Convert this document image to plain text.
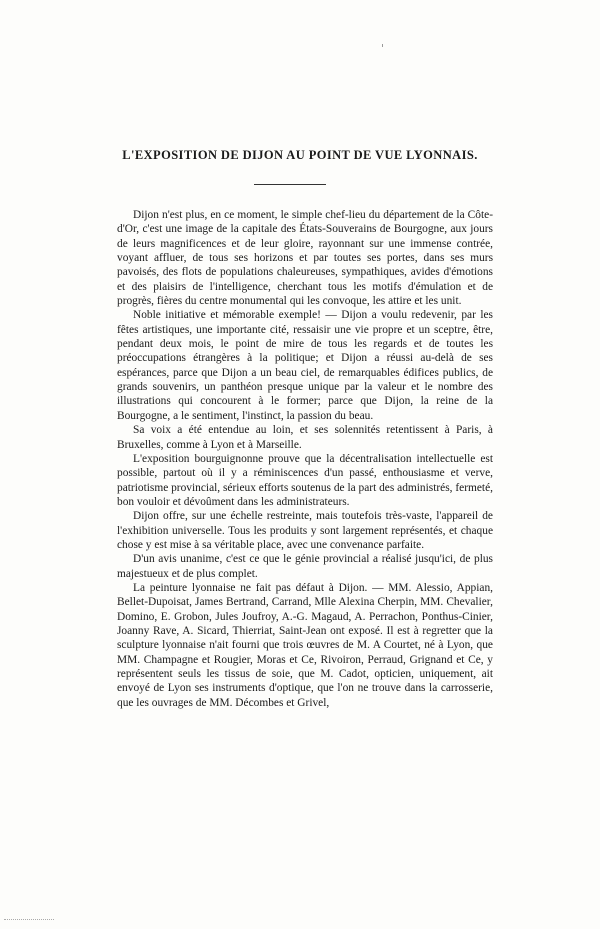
L'EXPOSITION DE DIJON AU POINT DE VUE LYONNAIS.

Dijon n'est plus, en ce moment, le simple chef-lieu du département de la Côte-d'Or, c'est une image de la capitale des États-Souverains de Bourgogne, aux jours de leurs magnificences et de leur gloire, rayonnant sur une immense contrée, voyant affluer, de tous ses horizons et par toutes ses portes, dans ses murs pavoisés, des flots de populations chaleureuses, sympathiques, avides d'émotions et des plaisirs de l'intelligence, cherchant tous les motifs d'émulation et de progrès, fières du centre monumental qui les convoque, les attire et les unit.

Noble initiative et mémorable exemple! — Dijon a voulu redevenir, par les fêtes artistiques, une importante cité, ressaisir une vie propre et un sceptre, être, pendant deux mois, le point de mire de tous les regards et de toutes les préoccupations étrangères à la politique; et Dijon a réussi au-delà de ses espérances, parce que Dijon a un beau ciel, de remarquables édifices publics, de grands souvenirs, un panthéon presque unique par la valeur et le nombre des illustrations qui concourent à le former; parce que Dijon, la reine de la Bourgogne, a le sentiment, l'instinct, la passion du beau.

Sa voix a été entendue au loin, et ses solennités retentissent à Paris, à Bruxelles, comme à Lyon et à Marseille.

L'exposition bourguignonne prouve que la décentralisation intellectuelle est possible, partout où il y a réminiscences d'un passé, enthousiasme et verve, patriotisme provincial, sérieux efforts soutenus de la part des administrés, fermeté, bon vouloir et dévoûment dans les administrateurs.

Dijon offre, sur une échelle restreinte, mais toutefois très-vaste, l'appareil de l'exhibition universelle. Tous les produits y sont largement représentés, et chaque chose y est mise à sa véritable place, avec une convenance parfaite.

D'un avis unanime, c'est ce que le génie provincial a réalisé jusqu'ici, de plus majestueux et de plus complet.

La peinture lyonnaise ne fait pas défaut à Dijon. — MM. Alessio, Appian, Bellet-Dupoisat, James Bertrand, Carrand, Mlle Alexina Cherpin, MM. Chevalier, Domino, E. Grobon, Jules Joufroy, A.-G. Magaud, A. Perrachon, Ponthus-Cinier, Joanny Rave, A. Sicard, Thierriat, Saint-Jean ont exposé. Il est à regretter que la sculpture lyonnaise n'ait fourni que trois œuvres de M. A Courtet, né à Lyon, que MM. Champagne et Rougier, Moras et Ce, Rivoiron, Perraud, Grignand et Ce, y représentent seuls les tissus de soie, que M. Cadot, opticien, uniquement, ait envoyé de Lyon ses instruments d'optique, que l'on ne trouve dans la carrosserie, que les ouvrages de MM. Décombes et Grivel,
